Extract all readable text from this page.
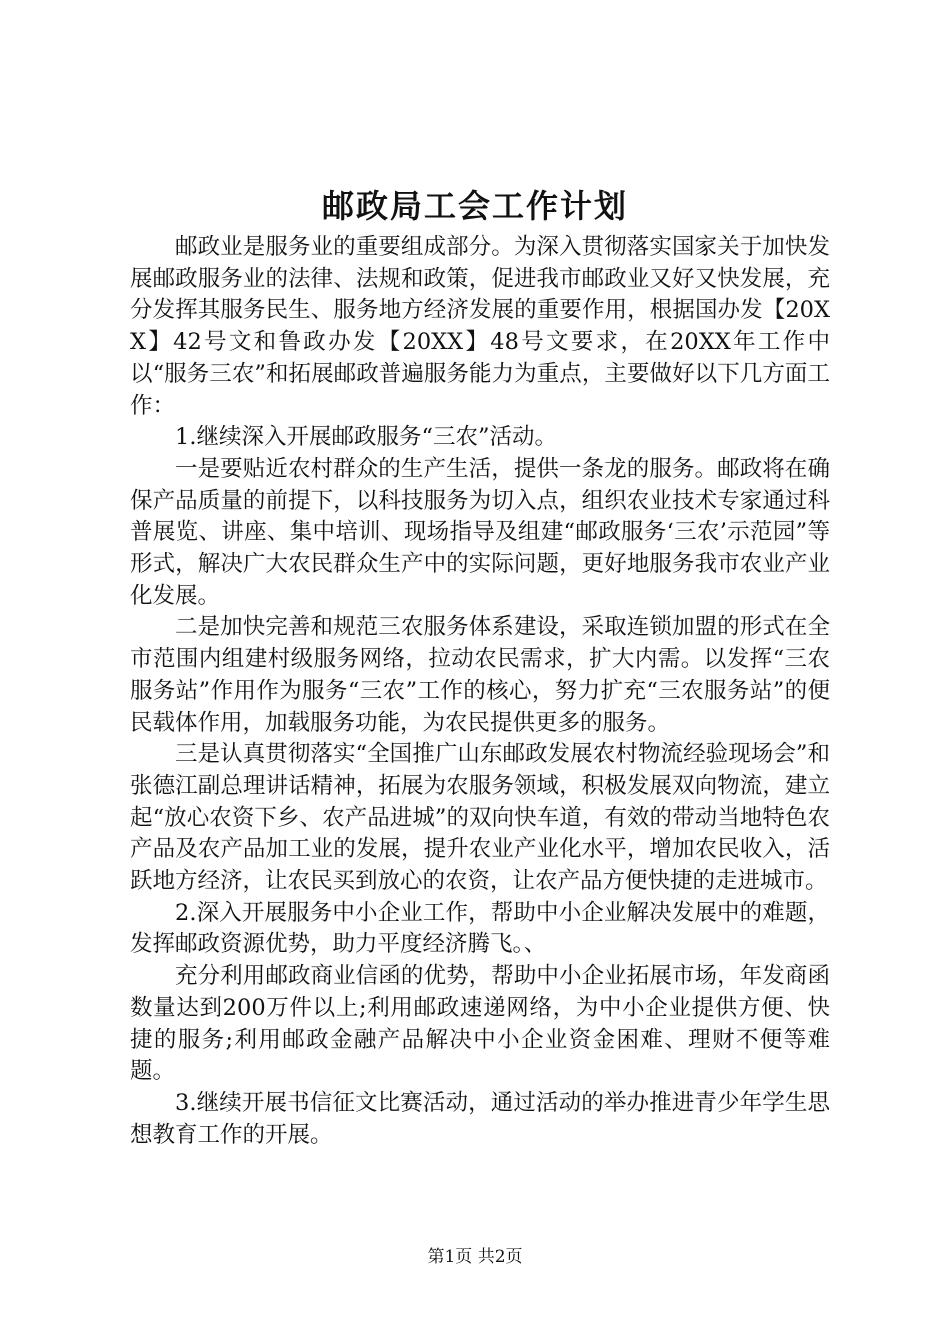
邮政局工会工作计划

邮政业是服务业的重要组成部分。为深入贯彻落实国家关于加快发展邮政服务业的法律、法规和政策，促进我市邮政业又好又快发展，充分发挥其服务民生、服务地方经济发展的重要作用，根据国办发【20XX】42号文和鲁政办发【20XX】48号文要求，在20XX年工作中以“服务三农”和拓展邮政普遍服务能力为重点，主要做好以下几方面工作：

1.继续深入开展邮政服务“三农”活动。

一是要贴近农村群众的生产生活，提供一条龙的服务。邮政将在确保产品质量的前提下，以科技服务为切入点，组织农业技术专家通过科普展览、讲座、集中培训、现场指导及组建“邮政服务‘三农’示范园”等形式，解决广大农民群众生产中的实际问题，更好地服务我市农业产业化发展。

二是加快完善和规范三农服务体系建设，采取连锁加盟的形式在全市范围内组建村级服务网络，拉动农民需求，扩大内需。以发挥“三农服务站”作用作为服务“三农”工作的核心，努力扩充“三农服务站”的便民载体作用，加载服务功能，为农民提供更多的服务。

三是认真贯彻落实“全国推广山东邮政发展农村物流经验现场会”和张德江副总理讲话精神，拓展为农服务领域，积极发展双向物流，建立起“放心农资下乡、农产品进城”的双向快车道，有效的带动当地特色农产品及农产品加工业的发展，提升农业产业化水平，增加农民收入，活跃地方经济，让农民买到放心的农资，让农产品方便快捷的走进城市。

2.深入开展服务中小企业工作，帮助中小企业解决发展中的难题，发挥邮政资源优势，助力平度经济腾飞。、

充分利用邮政商业信函的优势，帮助中小企业拓展市场，年发商函数量达到200万件以上;利用邮政速递网络，为中小企业提供方便、快捷的服务;利用邮政金融产品解决中小企业资金困难、理财不便等难题。

3.继续开展书信征文比赛活动，通过活动的举办推进青少年学生思想教育工作的开展。

第1页 共2页
